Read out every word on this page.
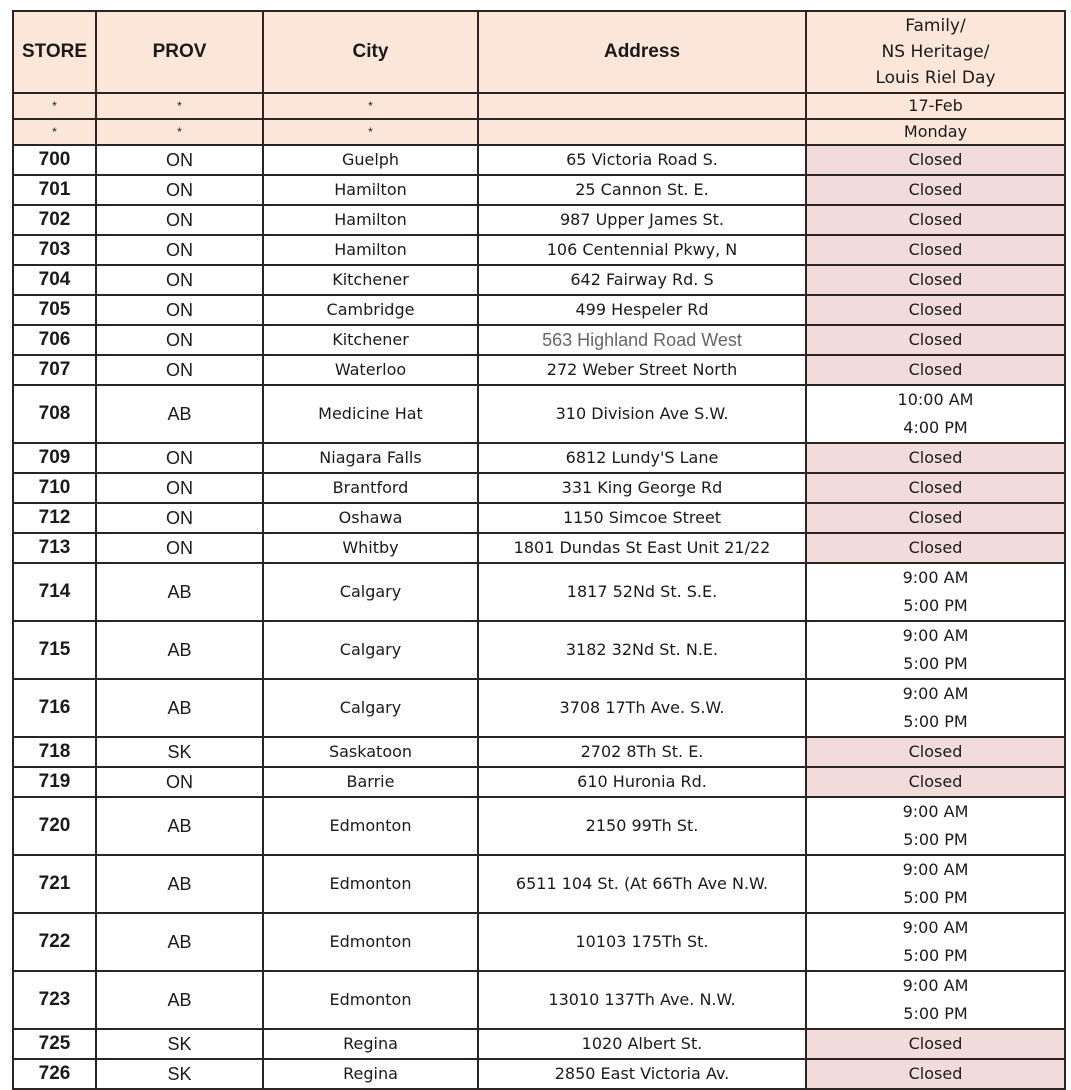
STORE	PROV	City	Address	Family/
NS Heritage/
Louis Riel Day

*	*	*		17-Feb
*	*	*		Monday
700	ON	Guelph	65 Victoria Road S.	Closed

701	ON	Hamilton	25 Cannon St. E.	Closed

702	ON	Hamilton	987 Upper James St.	Closed

703	ON	Hamilton	106 Centennial Pkwy, N	Closed

704	ON	Kitchener	642 Fairway Rd. S	Closed

705	ON	Cambridge	499 Hespeler Rd	Closed

706	ON	Kitchener	563 Highland Road West	Closed

707	ON	Waterloo	272 Weber Street North	Closed

708	AB	Medicine Hat	310 Division Ave S.W.	10:00 AM
4:00 PM

709	ON	Niagara Falls	6812 Lundy'S Lane	Closed

710	ON	Brantford	331 King George Rd	Closed

712	ON	Oshawa	1150 Simcoe Street	Closed

713	ON	Whitby	1801 Dundas St East Unit 21/22	Closed

714	AB	Calgary	1817 52Nd St. S.E.	9:00 AM
5:00 PM

715	AB	Calgary	3182 32Nd St. N.E.	9:00 AM
5:00 PM

716	AB	Calgary	3708 17Th Ave. S.W.	9:00 AM
5:00 PM

718	SK	Saskatoon	2702 8Th St. E.	Closed

719	ON	Barrie	610 Huronia Rd.	Closed

720	AB	Edmonton	2150 99Th St.	9:00 AM
5:00 PM

721	AB	Edmonton	6511 104 St. (At 66Th Ave N.W.	9:00 AM
5:00 PM

722	AB	Edmonton	10103 175Th St.	9:00 AM
5:00 PM

723	AB	Edmonton	13010 137Th Ave. N.W.	9:00 AM
5:00 PM

725	SK	Regina	1020 Albert St.	Closed

726	SK	Regina	2850 East Victoria Av.	Closed
